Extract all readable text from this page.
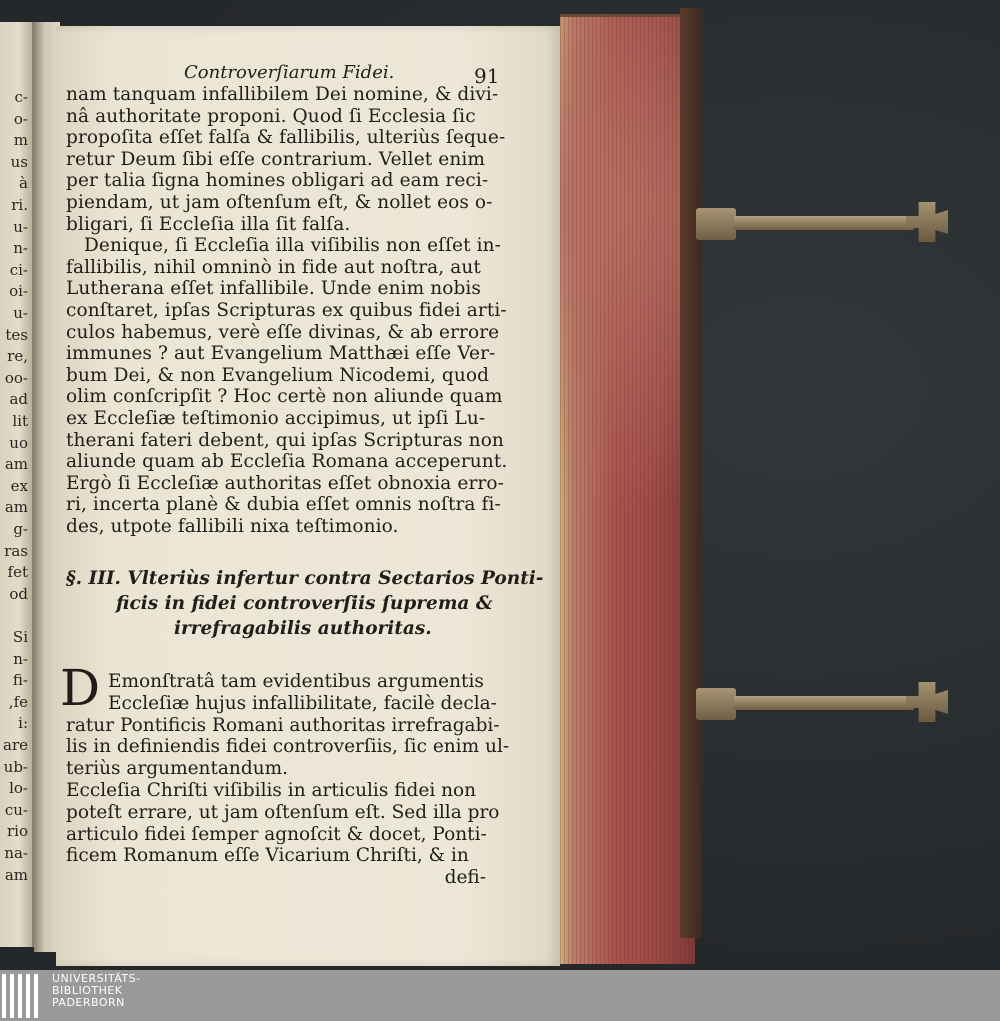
c-
o-
m
us
à
ri.
u-
n-
ci-
oi-
u-
tes
re,
oo-
ad
lit
uo
am
ex
am
g-
ras
fet
od
Si
n-
fi-
,fe
i:
are
ub-
lo-
cu-
rio
na-
am
Controverſiarum Fidei.	91
nam tanquam infallibilem Dei nomine, & divi-
nâ authoritate proponi. Quod ſi Ecclesia ſic
propoſita eſſet falſa & fallibilis, ulteriùs ſeque-
retur Deum ſibi eſſe contrarium. Vellet enim
per talia ſigna homines obligari ad eam reci-
piendam, ut jam oſtenſum eſt, & nollet eos o-
bligari, ſi Eccleſia illa ſit falſa.
Denique, ſi Eccleſia illa viſibilis non eſſet in-
fallibilis, nihil omninò in fide aut noſtra, aut
Lutherana eſſet infallibile. Unde enim nobis
conſtaret, ipſas Scripturas ex quibus fidei arti-
culos habemus, verè eſſe divinas, & ab errore
immunes ? aut Evangelium Matthæi eſſe Ver-
bum Dei, & non Evangelium Nicodemi, quod
olim conſcripſit ? Hoc certè non aliunde quam
ex Eccleſiæ teſtimonio accipimus, ut ipſi Lu-
therani fateri debent, qui ipſas Scripturas non
aliunde quam ab Eccleſia Romana acceperunt.
Ergò ſi Eccleſiæ authoritas eſſet obnoxia erro-
ri, incerta planè & dubia eſſet omnis noſtra fi-
des, utpote fallibili nixa teſtimonio.
§. III. Vlteriùs infertur contra Sectarios Ponti-
ficis in fidei controverſiis ſuprema &
irrefragabilis authoritas.
D Emonſtratâ tam evidentibus argumentis
Eccleſiæ hujus infallibilitate, facilè decla-
ratur Pontificis Romani authoritas irrefragabi-
lis in definiendis fidei controverſiis, ſic enim ul-
teriùs argumentandum.
Eccleſia Chriſti viſibilis in articulis fidei non
poteſt errare, ut jam oſtenſum eſt. Sed illa pro
articulo fidei ſemper agnoſcit & docet, Ponti-
ficem Romanum eſſe Vicarium Chriſti, & in
defi-
UNIVERSITÄTS-
BIBLIOTHEK
PADERBORN
